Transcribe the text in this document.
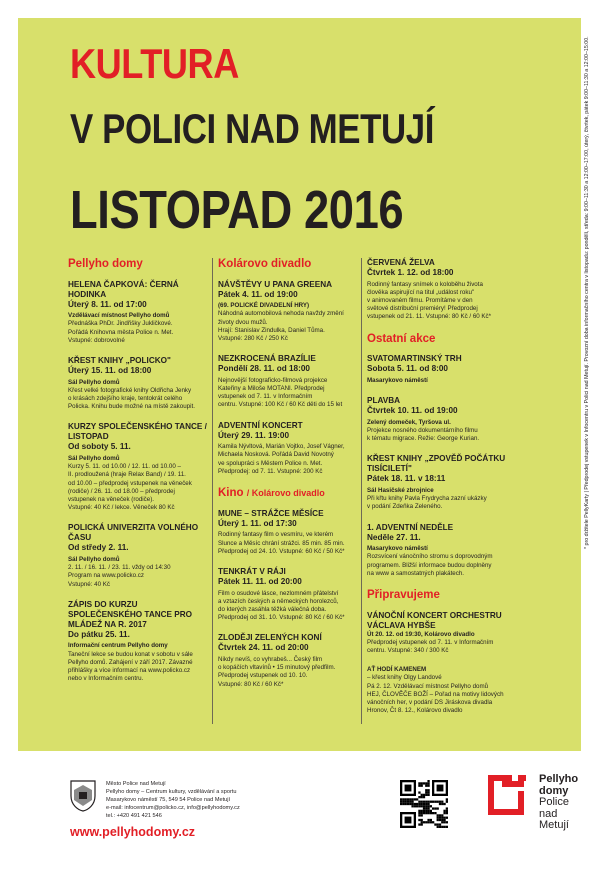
KULTURA
V POLICI NAD METUJÍ
LISTOPAD 2016
Pellyho domy
HELENA ČAPKOVÁ: ČERNÁ HODINKA
Úterý 8. 11. od 17:00

Vzdělávací místnost Pellyho domů

Přednáška PhDr. Jindřišky Jukličkové.

Pořádá Knihovna města Police n. Met.

Vstupné: dobrovolné

KŘEST KNIHY „POLICKO"
Úterý 15. 11. od 18:00

Sál Pellyho domů

Křest velké fotografické knihy Oldřicha Jenky

o krásách zdejšího kraje, tentokrát celého

Policka. Knihu bude možné na místě zakoupit.

KURZY SPOLEČENSKÉHO TANCE / LISTOPAD
Od soboty 5. 11.

Sál Pellyho domů

Kurzy 5. 11. od 10.00 / 12. 11. od 10.00 –

II. prodloužená (hraje Relax Band) / 19. 11.

od 10.00 – předprodej vstupenek na věneček

(rodiče) / 26. 11. od 18.00 – předprodej

vstupenek na věneček (rodiče).

Vstupné: 40 Kč / lekce. Věneček 80 Kč

POLICKÁ UNIVERZITA VOLNÉHO ČASU
Od středy 2. 11.

Sál Pellyho domů

2. 11. / 16. 11. / 23. 11. vždy od 14:30

Program na www.policko.cz

Vstupné: 40 Kč

ZÁPIS DO KURZU SPOLEČENSKÉHO TANCE PRO MLÁDEŽ NA R. 2017
Do pátku 25. 11.

Informační centrum Pellyho domy

Taneční lekce se budou konat v sobotu v sále

Pellyho domů. Zahájení v září 2017. Závazné

přihlášky a více informací na www.policko.cz

nebo v Informačním centru.

Kolárovo divadlo
NÁVŠTĚVY U PANA GREENA
Pátek 4. 11. od 19:00

(69. POLICKÉ DIVADELNÍ HRY)

Náhodná automobilová nehoda navždy změní

životy dvou mužů.

Hrají: Stanislav Zindulka, Daniel Tůma.

Vstupné: 280 Kč / 250 Kč

NEZKROCENÁ BRAZÍLIE
Pondělí 28. 11. od 18:00

Nejnovější fotograficko-filmová projekce

Kateřiny a Miloše MOTANI. Předprodej

vstupenek od 7. 11. v Informačním

centru. Vstupné: 100 Kč / 60 Kč děti do 15 let

ADVENTNÍ KONCERT
Úterý 29. 11. 19:00

Kamila Nývltová, Marián Vojtko, Josef Vágner,

Michaela Nosková. Pořádá David Novotný

ve spolupráci s Městem Police n. Met.

Předprodej: od 7. 11. Vstupné: 200 Kč

Kino / Kolárovo divadlo
MUNE – STRÁŽCE MĚSÍCE
Úterý 1. 11. od 17:30

Rodinný fantasy film o vesmíru, ve kterém

Slunce a Měsíc chrání strážci. 85 min. 85 min.

Předprodej od 24. 10. Vstupné: 60 Kč / 50 Kč*

TENKRÁT V RÁJI
Pátek 11. 11. od 20:00

Film o osudové lásce, nezlomném přátelství

a vztazích českých a německých horolezců,

do kterých zasáhla těžká válečná doba.

Předprodej od 31. 10. Vstupné: 80 Kč / 60 Kč*

ZLODĚJI ZELENÝCH KONÍ
Čtvrtek 24. 11. od 20:00

Nikdy nevíš, co vyhrabeš... Český film

o kopáčích vltavínů • 15 minutový předfilm.

Předprodej vstupenek od 10. 10.

Vstupné: 80 Kč / 60 Kč*

ČERVENÁ ŽELVA
Čtvrtek 1. 12. od 18:00

Rodinný fantasy snímek o koloběhu života

člověka aspirující na titul „událost roku"

v animovaném filmu. Promítáme v den

světové distribuční premiéry! Předprodej

vstupenek od 21. 11. Vstupné: 80 Kč / 60 Kč*

Ostatní akce
SVATOMARTINSKÝ TRH
Sobota 5. 11. od 8:00

Masarykovo náměstí

PLAVBA
Čtvrtek 10. 11. od 19:00

Zelený domeček, Tyršova ul.

Projekce nosného dokumentárního filmu

k tématu migrace. Režie: George Kurian.

KŘEST KNIHY „ZPOVĚĎ POČÁTKU TISÍCILETÍ"
Pátek 18. 11. v 18:11

Sál Hasičské zbrojnice

Při křtu knihy Pavla Frydrycha zazní ukázky

v podání Zdeňka Zeleného.

1. ADVENTNÍ NEDĚLE
Neděle 27. 11.

Masarykovo náměstí

Rozsvícení vánočního stromu s doprovodným

programem. Bližší informace budou doplněny

na www a samostatných plakátech.

Připravujeme
VÁNOČNÍ KONCERT ORCHESTRU VÁCLAVA HYBŠE

Út 20. 12. od 19:30, Kolárovo divadlo

Předprodej vstupenek od 7. 11. v Informačním

centru. Vstupné: 340 / 300 Kč

AŤ HODÍ KAMENEM

– křest knihy Olgy Landové

Pá 2. 12. Vzdělávací místnost Pellyho domů

HEJ, ČLOVĚČE BOŽÍ – Pořad na motivy lidových

vánočních her, v podání DS Jiráskova divadla

Hronov, Čt 8. 12., Kolárovo divadlo

* pro držitele PellyKarty | Předprodej vstupenek v Infocentru v Polici nad Metují. Provozní doba informačního centra v listopadu: pondělí, středa: 9:00–11:30 a 12:00–17:00, úterý, čtvrtek, pátek 9:00–11:30 a 12:00–15:00.
Město Police nad Metují
Pellyho domy – Centrum kultury, vzdělávání a sportu
Masarykovo náměstí 75, 549 54 Police nad Metují
e-mail: infocentrum@policko.cz, info@pellyhodomy.cz
tel.: +420 491 421 546
www.pellyhodomy.cz
Pellyho
domy
Police
nad
Metují
